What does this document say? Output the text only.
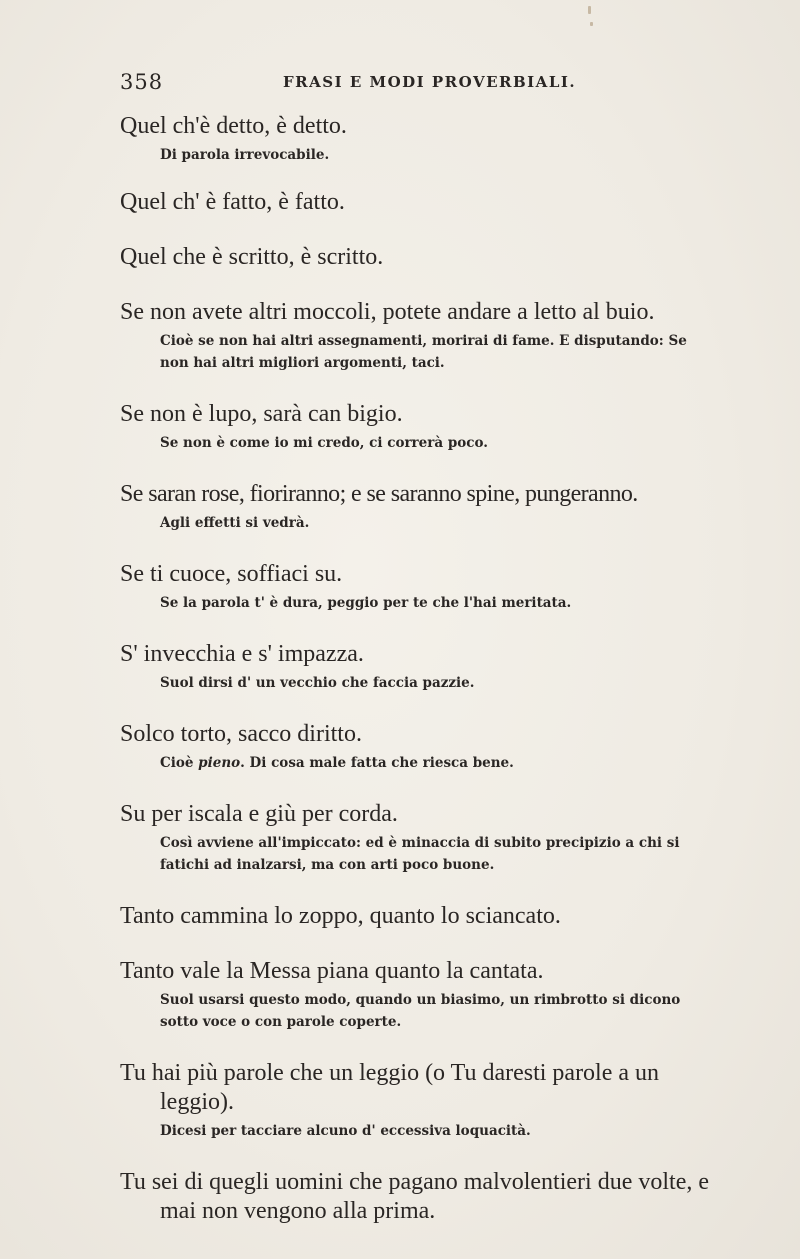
358	FRASI E MODI PROVERBIALI.

Quel ch'è detto, è detto.

Di parola irrevocabile.

Quel ch' è fatto, è fatto.

Quel che è scritto, è scritto.

Se non avete altri moccoli, potete andare a letto al buio.

Cioè se non hai altri assegnamenti, morirai di fame. E disputando: Se non hai altri migliori argomenti, taci.

Se non è lupo, sarà can bigio.

Se non è come io mi credo, ci correrà poco.

Se saran rose, fioriranno; e se saranno spine, pungeranno.

Agli effetti si vedrà.

Se ti cuoce, soffiaci su.

Se la parola t' è dura, peggio per te che l'hai meritata.

S' invecchia e s' impazza.

Suol dirsi d' un vecchio che faccia pazzie.

Solco torto, sacco diritto.

Cioè pieno. Di cosa male fatta che riesca bene.

Su per iscala e giù per corda.

Così avviene all'impiccato: ed è minaccia di subito precipizio a chi si fatichi ad inalzarsi, ma con arti poco buone.

Tanto cammina lo zoppo, quanto lo sciancato.

Tanto vale la Messa piana quanto la cantata.

Suol usarsi questo modo, quando un biasimo, un rimbrotto si dicono sotto voce o con parole coperte.

Tu hai più parole che un leggio (o Tu daresti parole a un leggio).

Dicesi per tacciare alcuno d' eccessiva loquacità.

Tu sei di quegli uomini che pagano malvolentieri due volte, e mai non vengono alla prima.
